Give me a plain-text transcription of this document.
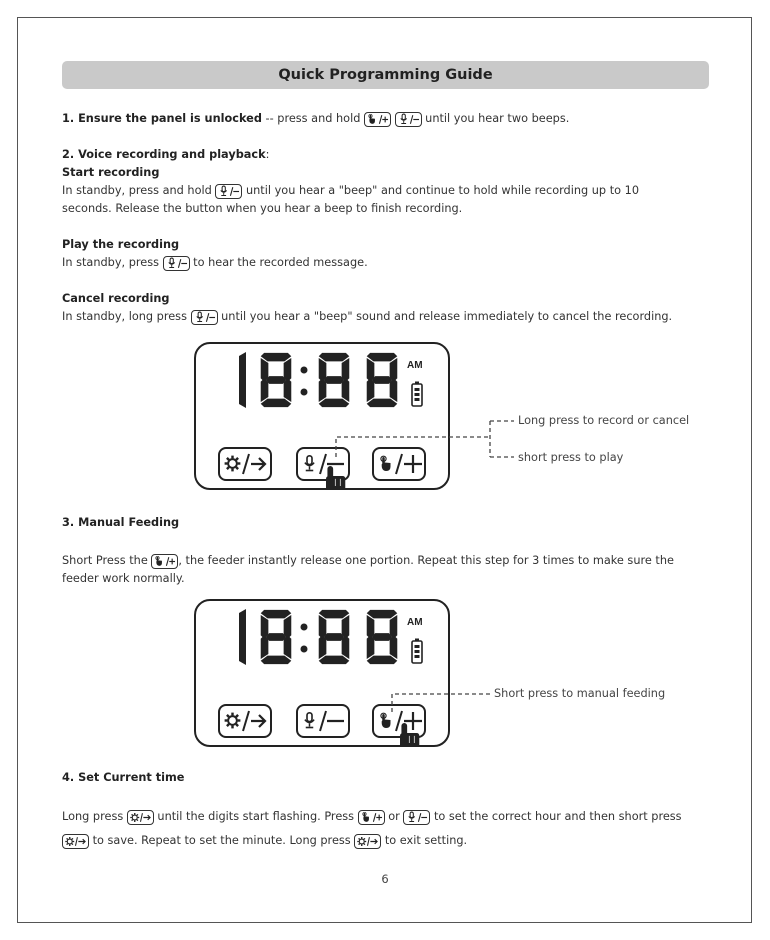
Quick Programming Guide
1. Ensure the panel is unlocked -- press and hold
	until you hear two beeps.
2. Voice recording and playback:
Start recording
In standby, press and hold
until you hear a "beep" and continue to hold while recording up to 10
seconds. Release the button when you hear a beep to finish recording.
Play the recording
In standby, press
to hear the recorded message.
Cancel recording
In standby, long press
until you hear a "beep" sound and release immediately to cancel the recording.
AM
Long press to record or cancel
short press to play
3. Manual Feeding
Short Press the
, the feeder instantly release one portion. Repeat this step for 3 times to make sure the
feeder work normally.
AM
Short press to manual feeding
4. Set Current time
Long press
until the digits start flashing. Press
or
to set the correct hour and then short press
to save. Repeat to set the minute. Long press
to exit setting.
6
